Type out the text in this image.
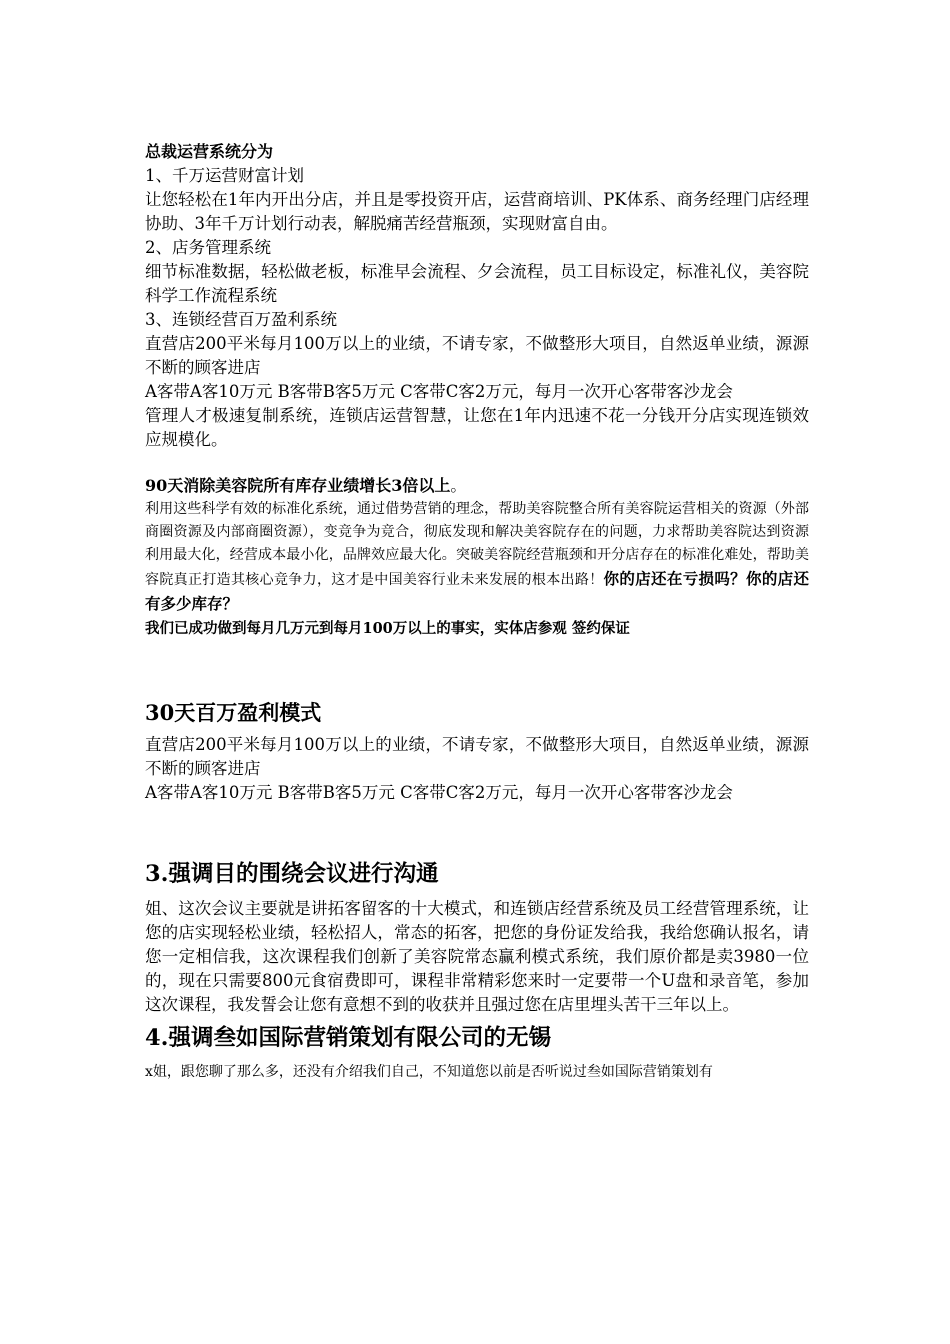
总裁运营系统分为

1、千万运营财富计划

让您轻松在1年内开出分店，并且是零投资开店，运营商培训、PK体系、商务经理门店经理协助、3年千万计划行动表，解脱痛苦经营瓶颈，实现财富自由。

2、店务管理系统

细节标准数据，轻松做老板，标准早会流程、夕会流程，员工目标设定，标准礼仪，美容院科学工作流程系统

3、连锁经营百万盈利系统

直营店200平米每月100万以上的业绩，不请专家，不做整形大项目，自然返单业绩，源源不断的顾客进店

A客带A客10万元 B客带B客5万元 C客带C客2万元，每月一次开心客带客沙龙会

管理人才极速复制系统，连锁店运营智慧，让您在1年内迅速不花一分钱开分店实现连锁效应规模化。

90天消除美容院所有库存业绩增长3倍以上。

利用这些科学有效的标准化系统，通过借势营销的理念，帮助美容院整合所有美容院运营相关的资源（外部商圈资源及内部商圈资源），变竞争为竞合，彻底发现和解决美容院存在的问题，力求帮助美容院达到资源利用最大化，经营成本最小化，品牌效应最大化。突破美容院经营瓶颈和开分店存在的标准化难处，帮助美容院真正打造其核心竞争力，这才是中国美容行业未来发展的根本出路！你的店还在亏损吗？你的店还有多少库存？

我们已成功做到每月几万元到每月100万以上的事实，实体店参观 签约保证

30天百万盈利模式

直营店200平米每月100万以上的业绩，不请专家，不做整形大项目，自然返单业绩，源源不断的顾客进店

A客带A客10万元 B客带B客5万元 C客带C客2万元，每月一次开心客带客沙龙会

3.强调目的围绕会议进行沟通

姐、这次会议主要就是讲拓客留客的十大模式，和连锁店经营系统及员工经营管理系统，让您的店实现轻松业绩，轻松招人，常态的拓客，把您的身份证发给我，我给您确认报名，请您一定相信我，这次课程我们创新了美容院常态赢利模式系统，我们原价都是卖3980一位的，现在只需要800元食宿费即可，课程非常精彩您来时一定要带一个U盘和录音笔，参加这次课程，我发誓会让您有意想不到的收获并且强过您在店里埋头苦干三年以上。

4.强调叁如国际营销策划有限公司的无锡

x姐，跟您聊了那么多，还没有介绍我们自己，不知道您以前是否听说过叁如国际营销策划有
